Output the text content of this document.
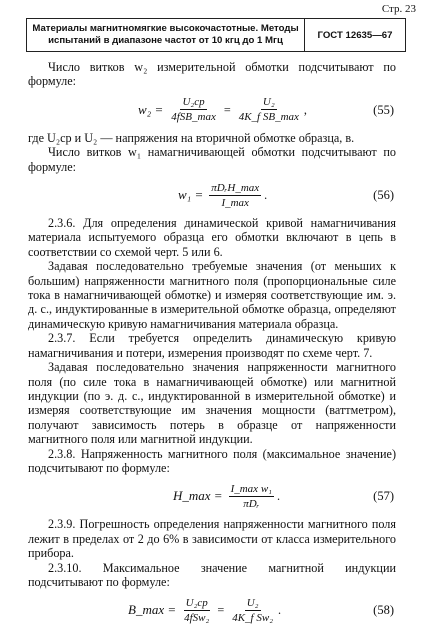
Стр. 23
Материалы магнитномягкие высокочастотные. Методы
испытаний в диапазоне частот от 10 кгц до 1 Мгц	ГОСТ 12635—67

Число витков w₂ измерительной обмотки подсчитывают по формуле:

$w_2 = \frac{\text{U₂ср}}{\text{4fSB\_max}} = \frac{\text{U₂}}{\text{4K\_f SB\_max}}$ ,	(55)

где U₂ср и U₂ — напряжения на вторичной обмотке образца, в.

Число витков w₁ намагничивающей обмотки подсчитывают по формуле:

$w_1 = \frac{\text{πDᵣH\_max}}{I\_\max}$ .	(56)

2.3.6. Для определения динамической кривой намагничивания материала испытуемого образца его обмотки включают в цепь в соответствии со схемой черт. 5 или 6.

Задавая последовательно требуемые значения (от меньших к большим) напряженности магнитного поля (пропорциональные силе тока в намагничивающей обмотке) и измеряя соответствующие им. э. д. с., индуктированные в измерительной обмотке образца, определяют динамическую кривую намагничивания материала образца.

2.3.7. Если требуется определить динамическую кривую намагничивания и потери, измерения производят по схеме черт. 7.

Задавая последовательно значения напряженности магнитного поля (по силе тока в намагничивающей обмотке) или магнитной индукции (по э. д. с., индуктированной в измерительной обмотке) и измеряя соответствующие им значения мощности (ваттметром), получают зависимость потерь в образце от напряженности магнитного поля или магнитной индукции.

2.3.8. Напряженность магнитного поля (максимальное значение) подсчитывают по формуле:

H_max = $\frac{\text{I\_max w₁}}{\text{πDᵣ}}$ .	(57)

2.3.9. Погрешность определения напряженности магнитного поля лежит в пределах от 2 до 6% в зависимости от класса измерительного прибора.

2.3.10. Максимальное значение магнитной индукции подсчитывают по формуле:

B_max = $\frac{\text{U₂ср}}{\text{4fSw₂}} = \frac{\text{U₂}}{\text{4K\_f Sw₂}}$ .	(58)
